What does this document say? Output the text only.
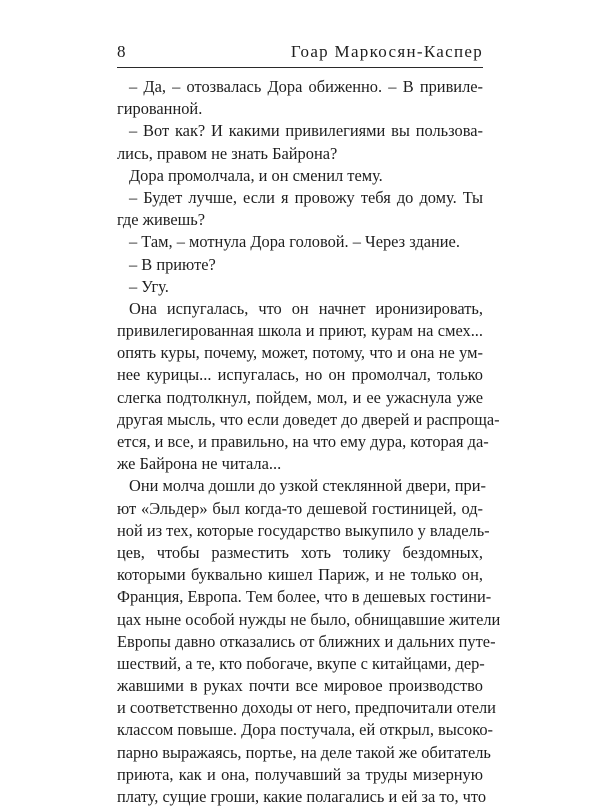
8	Гоар Маркосян-Каспер
– Да, – отозвалась Дора обиженно. – В привиле-
гированной.
– Вот как? И какими привилегиями вы пользова-
лись, правом не знать Байрона?
Дора промолчала, и он сменил тему.
– Будет лучше, если я провожу тебя до дому. Ты
где живешь?
– Там, – мотнула Дора головой. – Через здание.
– В приюте?
– Угу.
Она испугалась, что он начнет иронизировать,
привилегированная школа и приют, курам на смех...
опять куры, почему, может, потому, что и она не ум-
нее курицы... испугалась, но он промолчал, только
слегка подтолкнул, пойдем, мол, и ее ужаснула уже
другая мысль, что если доведет до дверей и распроща-
ется, и все, и правильно, на что ему дура, которая да-
же Байрона не читала...
Они молча дошли до узкой стеклянной двери, при-
ют «Эльдер» был когда-то дешевой гостиницей, од-
ной из тех, которые государство выкупило у владель-
цев, чтобы разместить хоть толику бездомных,
которыми буквально кишел Париж, и не только он,
Франция, Европа. Тем более, что в дешевых гостини-
цах ныне особой нужды не было, обнищавшие жители
Европы давно отказались от ближних и дальних путе-
шествий, а те, кто побогаче, вкупе с китайцами, дер-
жавшими в руках почти все мировое производство
и соответственно доходы от него, предпочитали отели
классом повыше. Дора постучала, ей открыл, высоко-
парно выражаясь, портье, на деле такой же обитатель
приюта, как и она, получавший за труды мизерную
плату, сущие гроши, какие полагались и ей за то, что
